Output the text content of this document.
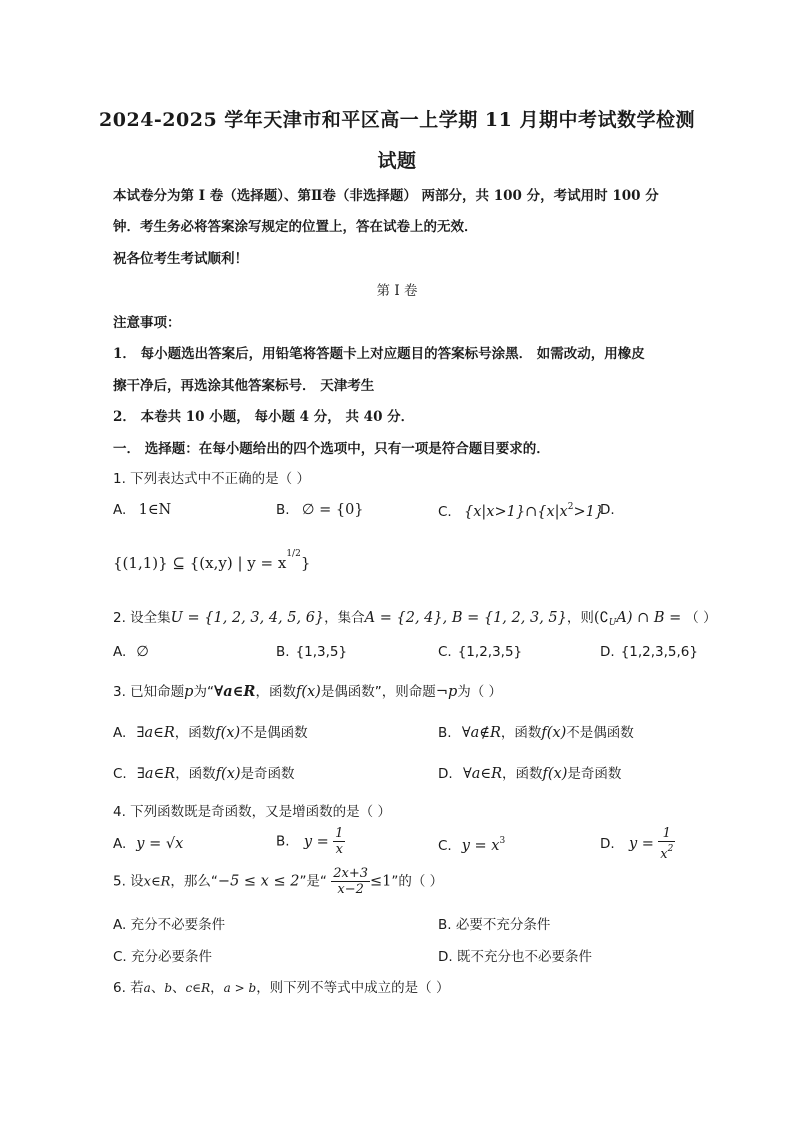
2024-2025 学年天津市和平区高一上学期 11 月期中考试数学检测
试题
本试卷分为第 I 卷（选择题）、第Ⅱ卷（非选择题） 两部分，共 100 分，考试用时 100 分
钟．考生务必将答案涂写规定的位置上，答在试卷上的无效．
祝各位考生考试顺利！
第 I 卷
注意事项：
1． 每小题选出答案后，用铅笔将答题卡上对应题目的答案标号涂黑． 如需改动，用橡皮
擦干净后，再选涂其他答案标号． 天津考生
2． 本卷共 10 小题， 每小题 4 分， 共 40 分．
一． 选择题：在每小题给出的四个选项中，只有一项是符合题目要求的．
1. 下列表达式中不正确的是（ ）
A. 1∈N	B. ∅ = {0}	C. $\{x|x>1\}\cap\{x|x^2>1\}$
D.
{(1,1)} ⊆ {(x,y) | $y = x^{1/2}$}
2. 设全集U = {1, 2, 3, 4, 5, 6}，集合A = {2, 4}, B = {1, 2, 3, 5}，则$(∁_UA)$ ∩ B = （ ）
A. ∅	B. {1,3,5}	C. {1,2,3,5}	D. {1,2,3,5,6}
3. 已知命题p为“∀a∈R，函数f(x)是偶函数”，则命题¬p为（ ）
A. ∃a∈R，函数f(x)不是偶函数	B. ∀a∉R，函数f(x)不是偶函数
C. ∃a∈R，函数f(x)是奇函数	D. ∀a∈R，函数f(x)是奇函数
4. 下列函数既是奇函数，又是增函数的是（ ）
A. y = √x	B. $y = \frac{1}{x}$	C. $y = x^3$	D. $y = \frac{1}{x^2}$
5. 设x∈R，那么“−5 ≤ x ≤ 2”是“ $\frac{2x+3}{x-2} \le 1$”的（ ）
A. 充分不必要条件	B. 必要不充分条件
C. 充分必要条件	D. 既不充分也不必要条件
6. 若a、b、c∈R，a > b，则下列不等式中成立的是（ ）
